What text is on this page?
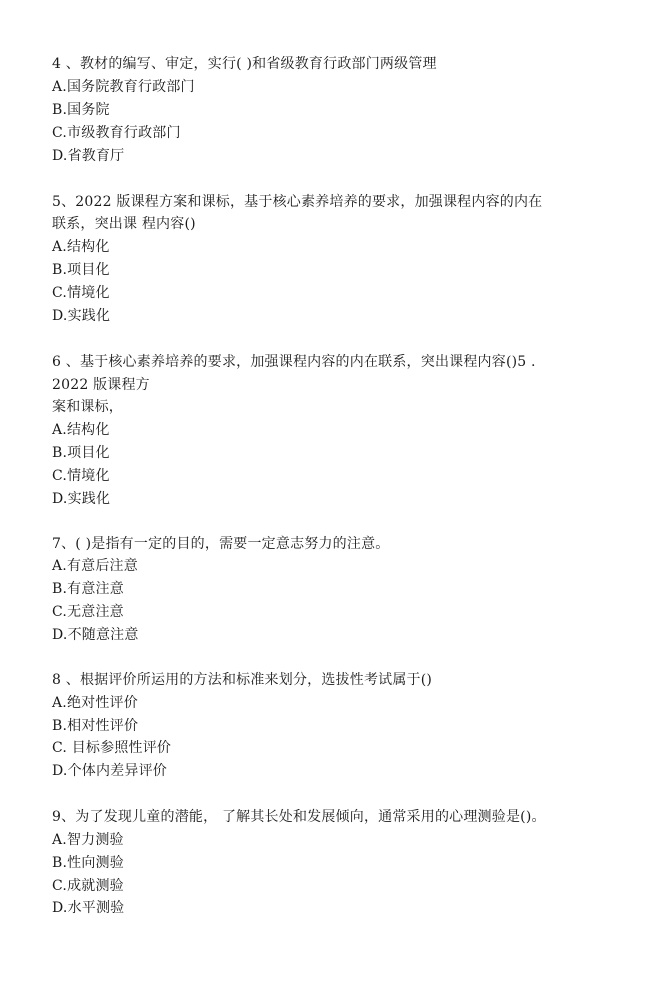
4 、教材的编写、审定，实行( )和省级教育行政部门两级管理
A.国务院教育行政部门
B.国务院
C.市级教育行政部门
D.省教育厅
5、2022 版课程方案和课标，基于核心素养培养的要求，加强课程内容的内在
联系，突出课 程内容()
A.结构化
B.项目化
C.情境化
D.实践化
6 、基于核心素养培养的要求，加强课程内容的内在联系，突出课程内容()5 .
2022 版课程方
案和课标，
A.结构化
B.项目化
C.情境化
D.实践化
7、( )是指有一定的目的，需要一定意志努力的注意。
A.有意后注意
B.有意注意
C.无意注意
D.不随意注意
8 、根据评价所运用的方法和标准来划分，选拔性考试属于()
A.绝对性评价
B.相对性评价
C. 目标参照性评价
D.个体内差异评价
9、为了发现儿童的潜能， 了解其长处和发展倾向，通常采用的心理测验是()。
A.智力测验
B.性向测验
C.成就测验
D.水平测验
